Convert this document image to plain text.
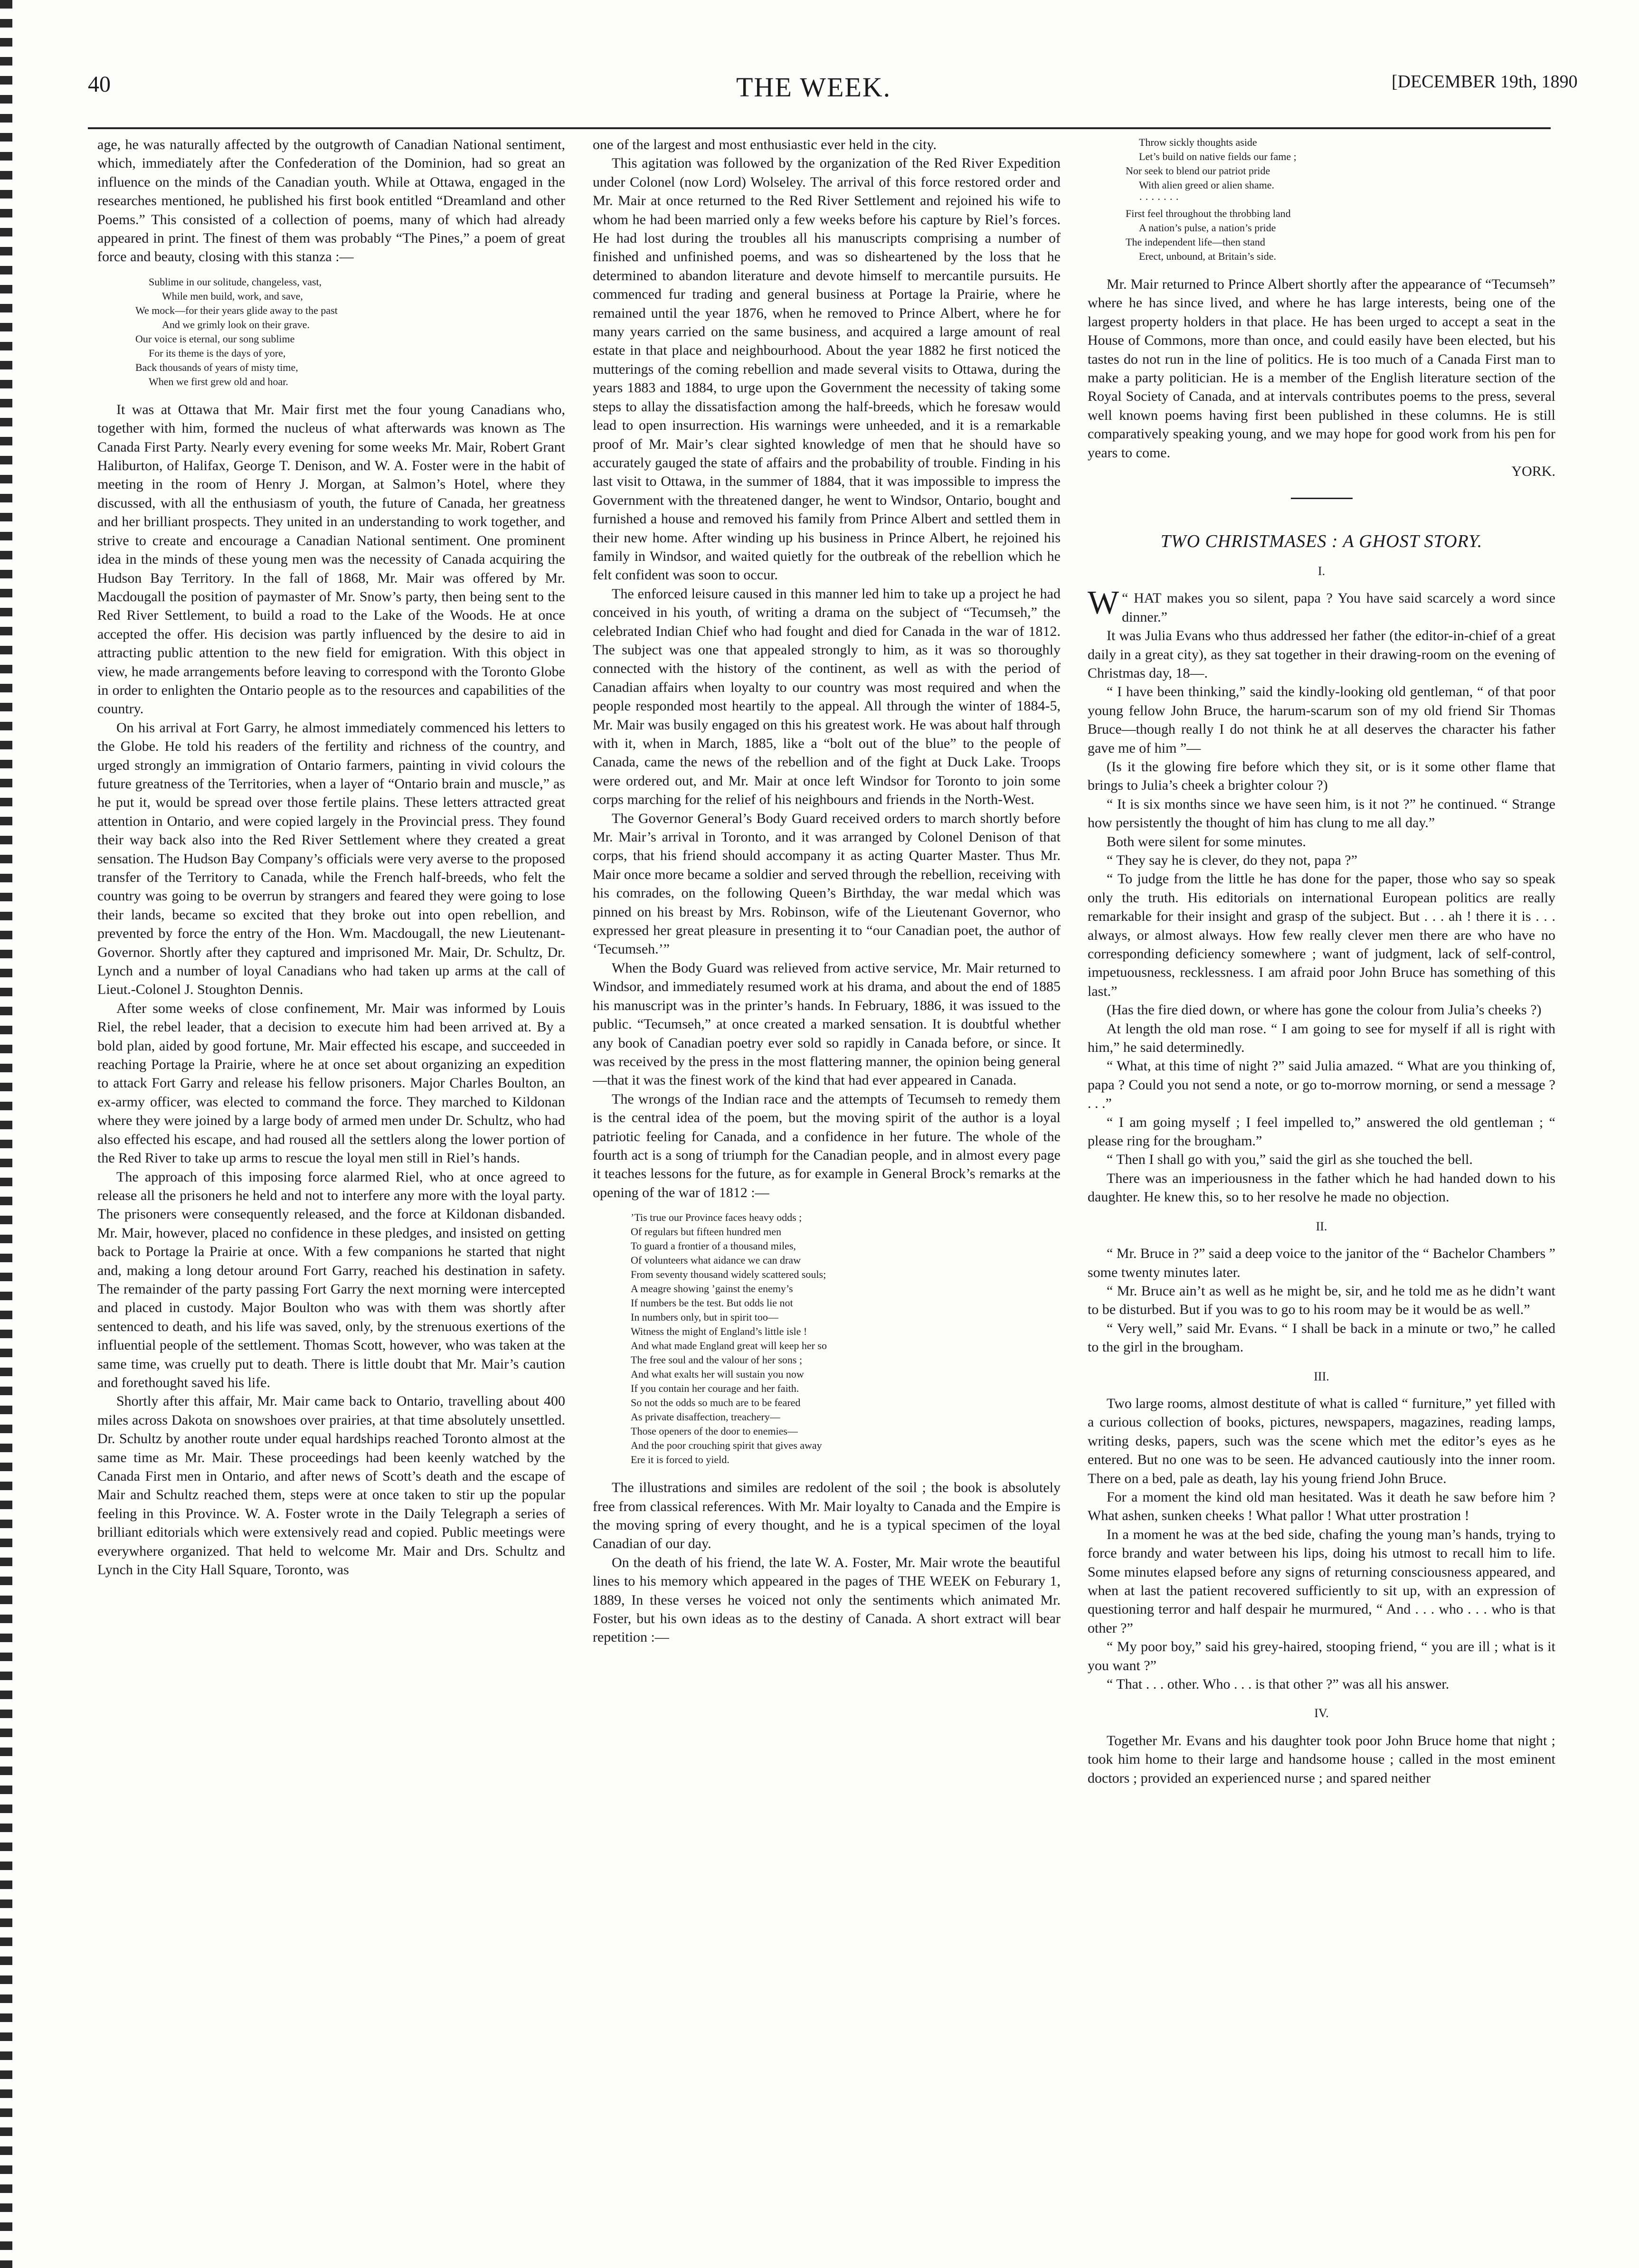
40	THE WEEK.	[DECEMBER 19th, 1890

age, he was naturally affected by the outgrowth of Canadian National sentiment, which, immediately after the Confederation of the Dominion, had so great an influence on the minds of the Canadian youth. While at Ottawa, engaged in the researches mentioned, he published his first book entitled “Dreamland and other Poems.” This consisted of a collection of poems, many of which had already appeared in print. The finest of them was probably “The Pines,” a poem of great force and beauty, closing with this stanza :—

Sublime in our solitude, changeless, vast,
While men build, work, and save,
We mock—for their years glide away to the past
And we grimly look on their grave.
Our voice is eternal, our song sublime
For its theme is the days of yore,
Back thousands of years of misty time,
When we first grew old and hoar.

It was at Ottawa that Mr. Mair first met the four young Canadians who, together with him, formed the nucleus of what afterwards was known as The Canada First Party. Nearly every evening for some weeks Mr. Mair, Robert Grant Haliburton, of Halifax, George T. Denison, and W. A. Foster were in the habit of meeting in the room of Henry J. Morgan, at Salmon’s Hotel, where they discussed, with all the enthusiasm of youth, the future of Canada, her greatness and her brilliant prospects. They united in an understanding to work together, and strive to create and encourage a Canadian National sentiment. One prominent idea in the minds of these young men was the necessity of Canada acquiring the Hudson Bay Territory. In the fall of 1868, Mr. Mair was offered by Mr. Macdougall the position of paymaster of Mr. Snow’s party, then being sent to the Red River Settlement, to build a road to the Lake of the Woods. He at once accepted the offer. His decision was partly influenced by the desire to aid in attracting public attention to the new field for emigration. With this object in view, he made arrangements before leaving to correspond with the Toronto Globe in order to enlighten the Ontario people as to the resources and capabilities of the country.

On his arrival at Fort Garry, he almost immediately commenced his letters to the Globe. He told his readers of the fertility and richness of the country, and urged strongly an immigration of Ontario farmers, painting in vivid colours the future greatness of the Territories, when a layer of “Ontario brain and muscle,” as he put it, would be spread over those fertile plains. These letters attracted great attention in Ontario, and were copied largely in the Provincial press. They found their way back also into the Red River Settlement where they created a great sensation. The Hudson Bay Company’s officials were very averse to the proposed transfer of the Territory to Canada, while the French half-breeds, who felt the country was going to be overrun by strangers and feared they were going to lose their lands, became so excited that they broke out into open rebellion, and prevented by force the entry of the Hon. Wm. Macdougall, the new Lieutenant-Governor. Shortly after they captured and imprisoned Mr. Mair, Dr. Schultz, Dr. Lynch and a number of loyal Canadians who had taken up arms at the call of Lieut.-Colonel J. Stoughton Dennis.

After some weeks of close confinement, Mr. Mair was informed by Louis Riel, the rebel leader, that a decision to execute him had been arrived at. By a bold plan, aided by good fortune, Mr. Mair effected his escape, and succeeded in reaching Portage la Prairie, where he at once set about organizing an expedition to attack Fort Garry and release his fellow prisoners. Major Charles Boulton, an ex-army officer, was elected to command the force. They marched to Kildonan where they were joined by a large body of armed men under Dr. Schultz, who had also effected his escape, and had roused all the settlers along the lower portion of the Red River to take up arms to rescue the loyal men still in Riel’s hands.

The approach of this imposing force alarmed Riel, who at once agreed to release all the prisoners he held and not to interfere any more with the loyal party. The prisoners were consequently released, and the force at Kildonan disbanded. Mr. Mair, however, placed no confidence in these pledges, and insisted on getting back to Portage la Prairie at once. With a few companions he started that night and, making a long detour around Fort Garry, reached his destination in safety. The remainder of the party passing Fort Garry the next morning were intercepted and placed in custody. Major Boulton who was with them was shortly after sentenced to death, and his life was saved, only, by the strenuous exertions of the influential people of the settlement. Thomas Scott, however, who was taken at the same time, was cruelly put to death. There is little doubt that Mr. Mair’s caution and forethought saved his life.

Shortly after this affair, Mr. Mair came back to Ontario, travelling about 400 miles across Dakota on snowshoes over prairies, at that time absolutely unsettled. Dr. Schultz by another route under equal hardships reached Toronto almost at the same time as Mr. Mair. These proceedings had been keenly watched by the Canada First men in Ontario, and after news of Scott’s death and the escape of Mair and Schultz reached them, steps were at once taken to stir up the popular feeling in this Province. W. A. Foster wrote in the Daily Telegraph a series of brilliant editorials which were extensively read and copied. Public meetings were everywhere organized. That held to welcome Mr. Mair and Drs. Schultz and Lynch in the City Hall Square, Toronto, was

one of the largest and most enthusiastic ever held in the city.

This agitation was followed by the organization of the Red River Expedition under Colonel (now Lord) Wolseley. The arrival of this force restored order and Mr. Mair at once returned to the Red River Settlement and rejoined his wife to whom he had been married only a few weeks before his capture by Riel’s forces. He had lost during the troubles all his manuscripts comprising a number of finished and unfinished poems, and was so disheartened by the loss that he determined to abandon literature and devote himself to mercantile pursuits. He commenced fur trading and general business at Portage la Prairie, where he remained until the year 1876, when he removed to Prince Albert, where he for many years carried on the same business, and acquired a large amount of real estate in that place and neighbourhood. About the year 1882 he first noticed the mutterings of the coming rebellion and made several visits to Ottawa, during the years 1883 and 1884, to urge upon the Government the necessity of taking some steps to allay the dissatisfaction among the half-breeds, which he foresaw would lead to open insurrection. His warnings were unheeded, and it is a remarkable proof of Mr. Mair’s clear sighted knowledge of men that he should have so accurately gauged the state of affairs and the probability of trouble. Finding in his last visit to Ottawa, in the summer of 1884, that it was impossible to impress the Government with the threatened danger, he went to Windsor, Ontario, bought and furnished a house and removed his family from Prince Albert and settled them in their new home. After winding up his business in Prince Albert, he rejoined his family in Windsor, and waited quietly for the outbreak of the rebellion which he felt confident was soon to occur.

The enforced leisure caused in this manner led him to take up a project he had conceived in his youth, of writing a drama on the subject of “Tecumseh,” the celebrated Indian Chief who had fought and died for Canada in the war of 1812. The subject was one that appealed strongly to him, as it was so thoroughly connected with the history of the continent, as well as with the period of Canadian affairs when loyalty to our country was most required and when the people responded most heartily to the appeal. All through the winter of 1884-5, Mr. Mair was busily engaged on this his greatest work. He was about half through with it, when in March, 1885, like a “bolt out of the blue” to the people of Canada, came the news of the rebellion and of the fight at Duck Lake. Troops were ordered out, and Mr. Mair at once left Windsor for Toronto to join some corps marching for the relief of his neighbours and friends in the North-West.

The Governor General’s Body Guard received orders to march shortly before Mr. Mair’s arrival in Toronto, and it was arranged by Colonel Denison of that corps, that his friend should accompany it as acting Quarter Master. Thus Mr. Mair once more became a soldier and served through the rebellion, receiving with his comrades, on the following Queen’s Birthday, the war medal which was pinned on his breast by Mrs. Robinson, wife of the Lieutenant Governor, who expressed her great pleasure in presenting it to “our Canadian poet, the author of ‘Tecumseh.’”

When the Body Guard was relieved from active service, Mr. Mair returned to Windsor, and immediately resumed work at his drama, and about the end of 1885 his manuscript was in the printer’s hands. In February, 1886, it was issued to the public. “Tecumseh,” at once created a marked sensation. It is doubtful whether any book of Canadian poetry ever sold so rapidly in Canada before, or since. It was received by the press in the most flattering manner, the opinion being general—that it was the finest work of the kind that had ever appeared in Canada.

The wrongs of the Indian race and the attempts of Tecumseh to remedy them is the central idea of the poem, but the moving spirit of the author is a loyal patriotic feeling for Canada, and a confidence in her future. The whole of the fourth act is a song of triumph for the Canadian people, and in almost every page it teaches lessons for the future, as for example in General Brock’s remarks at the opening of the war of 1812 :—

’Tis true our Province faces heavy odds ;
Of regulars but fifteen hundred men
To guard a frontier of a thousand miles,
Of volunteers what aidance we can draw
From seventy thousand widely scattered souls;
A meagre showing ’gainst the enemy’s
If numbers be the test. But odds lie not
In numbers only, but in spirit too—
Witness the might of England’s little isle !
And what made England great will keep her so
The free soul and the valour of her sons ;
And what exalts her will sustain you now
If you contain her courage and her faith.
So not the odds so much are to be feared
As private disaffection, treachery—
Those openers of the door to enemies—
And the poor crouching spirit that gives away
Ere it is forced to yield.

The illustrations and similes are redolent of the soil ; the book is absolutely free from classical references. With Mr. Mair loyalty to Canada and the Empire is the moving spring of every thought, and he is a typical specimen of the loyal Canadian of our day.

On the death of his friend, the late W. A. Foster, Mr. Mair wrote the beautiful lines to his memory which appeared in the pages of THE WEEK on Feburary 1, 1889, In these verses he voiced not only the sentiments which animated Mr. Foster, but his own ideas as to the destiny of Canada. A short extract will bear repetition :—

Throw sickly thoughts aside
Let’s build on native fields our fame ;
Nor seek to blend our patriot pride
With alien greed or alien shame.
· · · · · · ·
First feel throughout the throbbing land
A nation’s pulse, a nation’s pride
The independent life—then stand
Erect, unbound, at Britain’s side.

Mr. Mair returned to Prince Albert shortly after the appearance of “Tecumseh” where he has since lived, and where he has large interests, being one of the largest property holders in that place. He has been urged to accept a seat in the House of Commons, more than once, and could easily have been elected, but his tastes do not run in the line of politics. He is too much of a Canada First man to make a party politician. He is a member of the English literature section of the Royal Society of Canada, and at intervals contributes poems to the press, several well known poems having first been published in these columns. He is still comparatively speaking young, and we may hope for good work from his pen for years to come.

YORK.

TWO CHRISTMASES : A GHOST STORY.
I.

W “ HAT makes you so silent, papa ? You have said scarcely a word since dinner.”

It was Julia Evans who thus addressed her father (the editor-in-chief of a great daily in a great city), as they sat together in their drawing-room on the evening of Christmas day, 18—.

“ I have been thinking,” said the kindly-looking old gentleman, “ of that poor young fellow John Bruce, the harum-scarum son of my old friend Sir Thomas Bruce—though really I do not think he at all deserves the character his father gave me of him ”—

(Is it the glowing fire before which they sit, or is it some other flame that brings to Julia’s cheek a brighter colour ?)

“ It is six months since we have seen him, is it not ?” he continued. “ Strange how persistently the thought of him has clung to me all day.”

Both were silent for some minutes.

“ They say he is clever, do they not, papa ?”

“ To judge from the little he has done for the paper, those who say so speak only the truth. His editorials on international European politics are really remarkable for their insight and grasp of the subject. But . . . ah ! there it is . . . always, or almost always. How few really clever men there are who have no corresponding deficiency somewhere ; want of judgment, lack of self-control, impetuousness, recklessness. I am afraid poor John Bruce has something of this last.”

(Has the fire died down, or where has gone the colour from Julia’s cheeks ?)

At length the old man rose. “ I am going to see for myself if all is right with him,” he said determinedly.

“ What, at this time of night ?” said Julia amazed. “ What are you thinking of, papa ? Could you not send a note, or go to-morrow morning, or send a message ? . . .”

“ I am going myself ; I feel impelled to,” answered the old gentleman ; “ please ring for the brougham.”

“ Then I shall go with you,” said the girl as she touched the bell.

There was an imperiousness in the father which he had handed down to his daughter. He knew this, so to her resolve he made no objection.

II.

“ Mr. Bruce in ?” said a deep voice to the janitor of the “ Bachelor Chambers ” some twenty minutes later.

“ Mr. Bruce ain’t as well as he might be, sir, and he told me as he didn’t want to be disturbed. But if you was to go to his room may be it would be as well.”

“ Very well,” said Mr. Evans. “ I shall be back in a minute or two,” he called to the girl in the brougham.

III.

Two large rooms, almost destitute of what is called “ furniture,” yet filled with a curious collection of books, pictures, newspapers, magazines, reading lamps, writing desks, papers, such was the scene which met the editor’s eyes as he entered. But no one was to be seen. He advanced cautiously into the inner room. There on a bed, pale as death, lay his young friend John Bruce.

For a moment the kind old man hesitated. Was it death he saw before him ? What ashen, sunken cheeks ! What pallor ! What utter prostration !

In a moment he was at the bed side, chafing the young man’s hands, trying to force brandy and water between his lips, doing his utmost to recall him to life. Some minutes elapsed before any signs of returning consciousness appeared, and when at last the patient recovered sufficiently to sit up, with an expression of questioning terror and half despair he murmured, “ And . . . who . . . who is that other ?”

“ My poor boy,” said his grey-haired, stooping friend, “ you are ill ; what is it you want ?”

“ That . . . other. Who . . . is that other ?” was all his answer.

IV.

Together Mr. Evans and his daughter took poor John Bruce home that night ; took him home to their large and handsome house ; called in the most eminent doctors ; provided an experienced nurse ; and spared neither
